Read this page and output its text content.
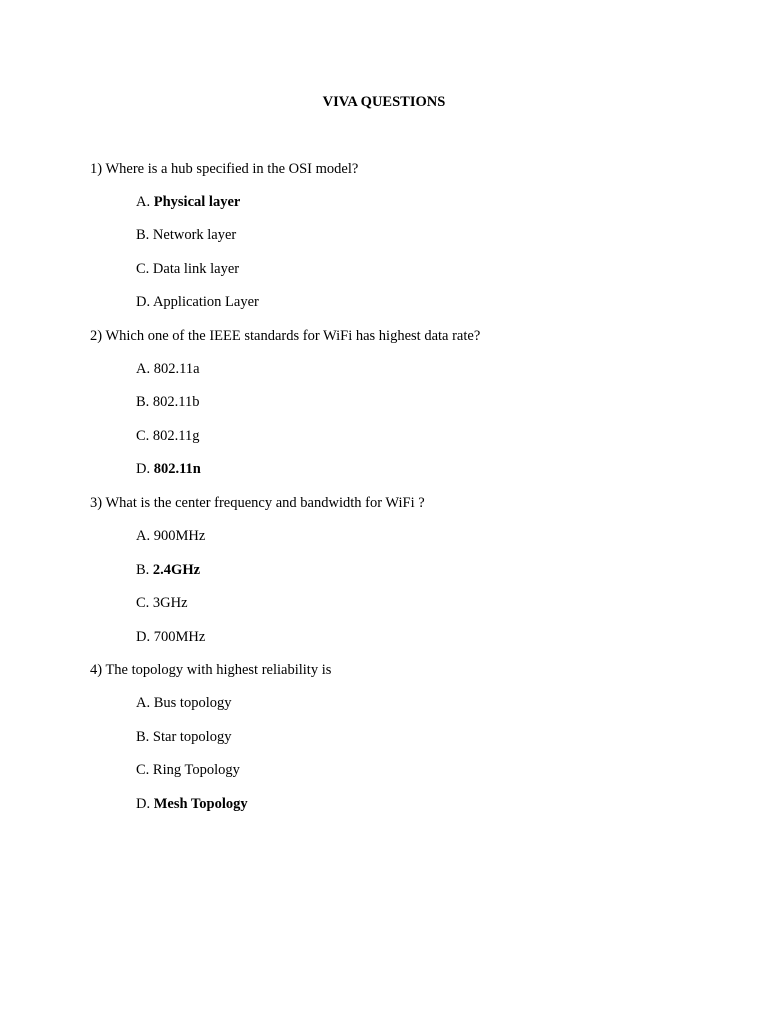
VIVA QUESTIONS
1) Where is a hub specified in the OSI model?
A. Physical layer
B. Network layer
C. Data link layer
D. Application Layer
2) Which one of the IEEE standards for WiFi has highest data rate?
A. 802.11a
B. 802.11b
C. 802.11g
D. 802.11n
3) What is the center frequency and bandwidth for WiFi ?
A. 900MHz
B. 2.4GHz
C. 3GHz
D. 700MHz
4) The topology with highest reliability is
A. Bus topology
B. Star topology
C. Ring Topology
D. Mesh Topology
